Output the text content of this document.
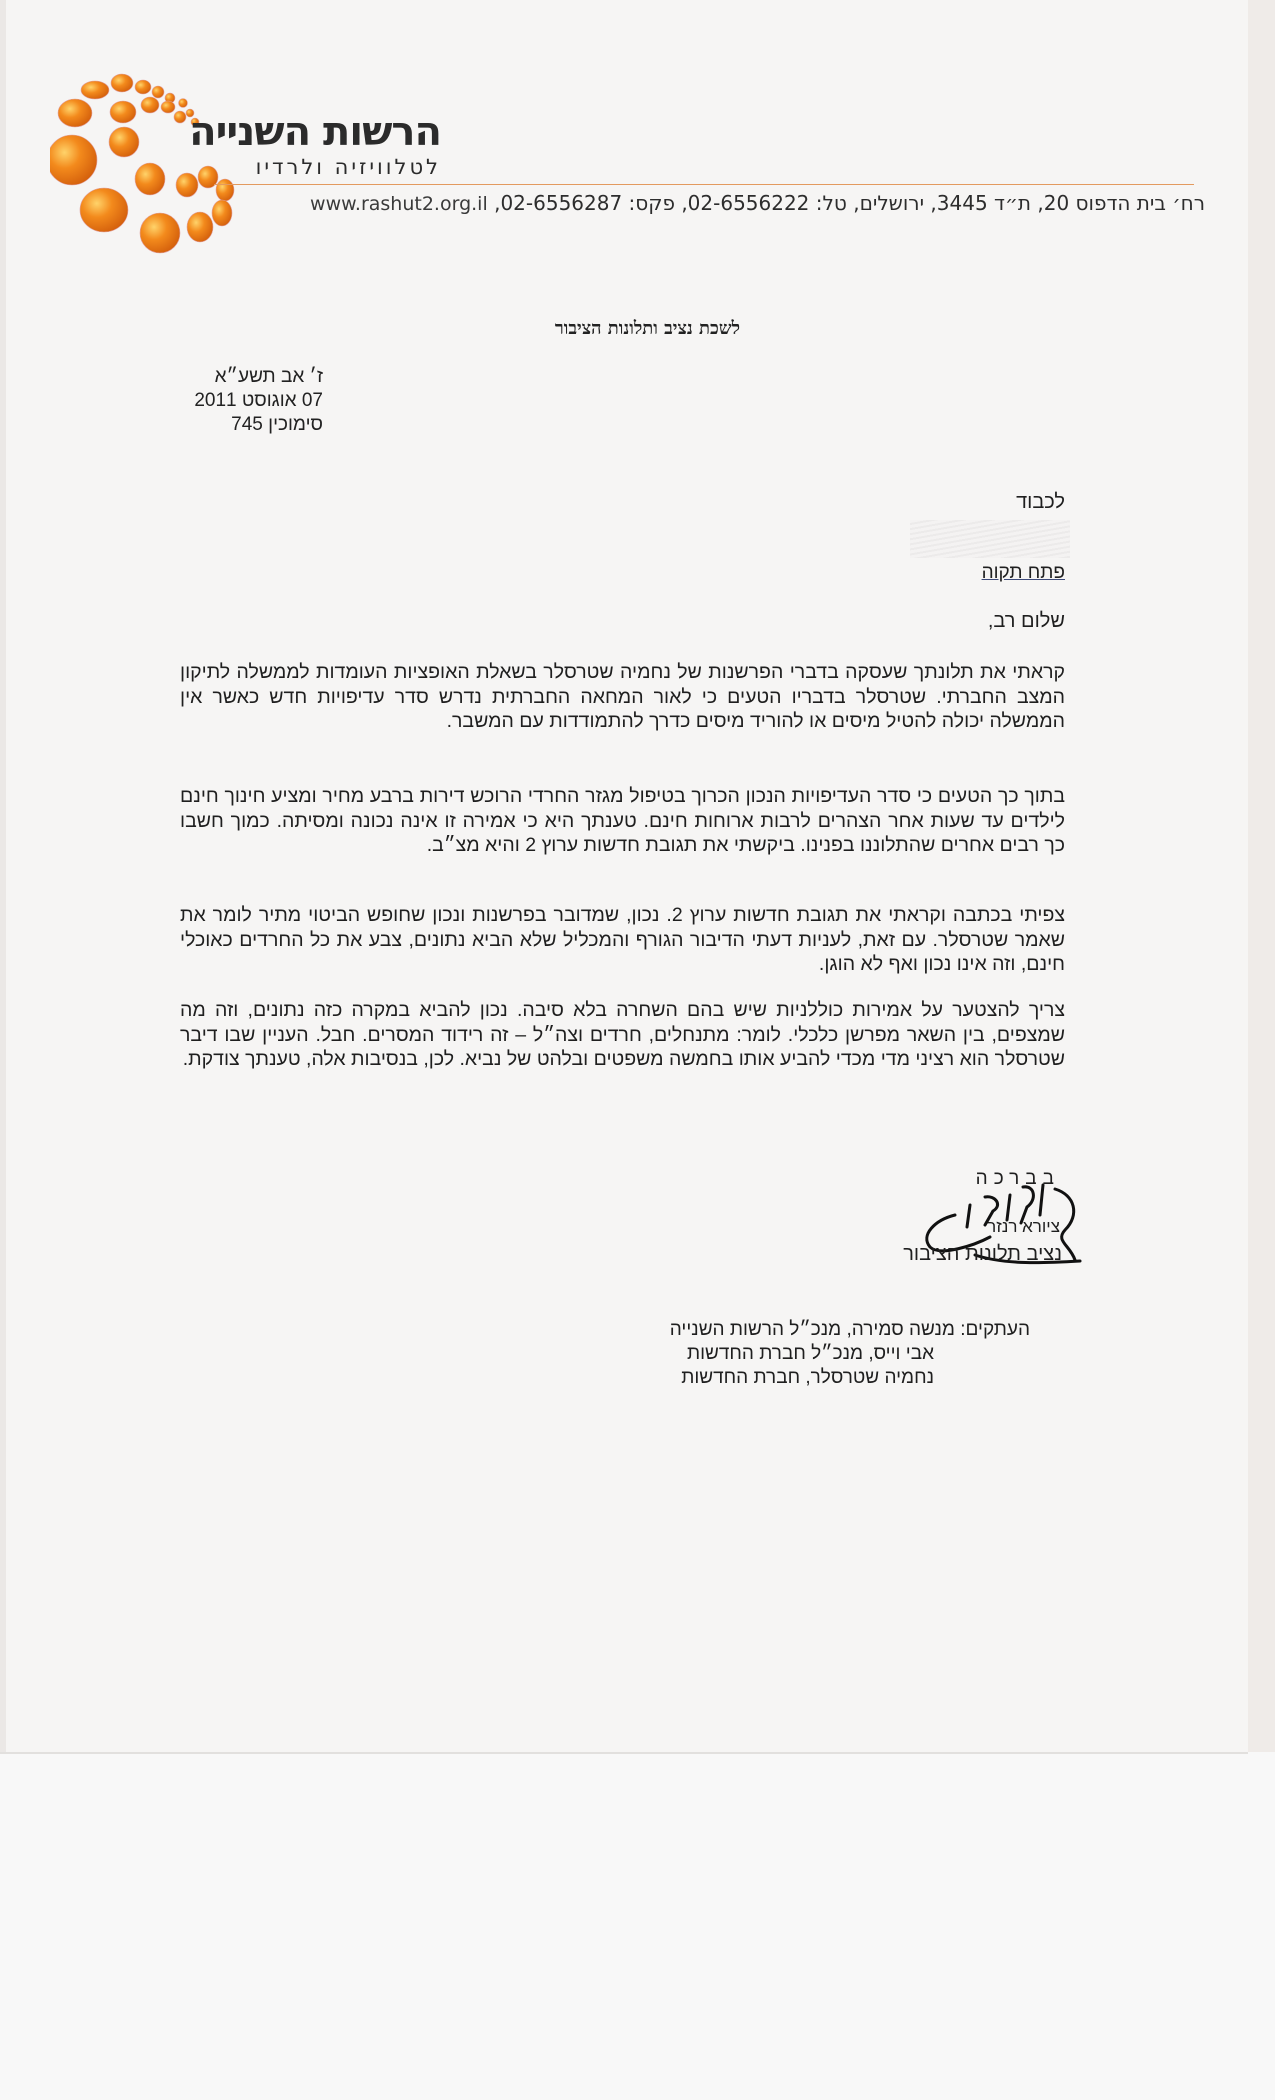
הרשות השנייה
לטלוויזיה ולרדיו
רח׳ בית הדפוס 20, ת״ד 3445, ירושלים, טל: 02-6556222, פקס: 02-6556287, www.rashut2.org.il
לשכת נציב ותלונות הציבור
ז׳ אב תשע״א
07 אוגוסט 2011
סימוכין 745
לכבוד
פתח תקוה
שלום רב,
קראתי את תלונתך שעסקה בדברי הפרשנות של נחמיה שטרסלר בשאלת האופציות העומדות לממשלה לתיקון המצב החברתי. שטרסלר בדבריו הטעים כי לאור המחאה החברתית נדרש סדר עדיפויות חדש כאשר אין הממשלה יכולה להטיל מיסים או להוריד מיסים כדרך להתמודדות עם המשבר.
בתוך כך הטעים כי סדר העדיפויות הנכון הכרוך בטיפול מגזר החרדי הרוכש דירות ברבע מחיר ומציע חינוך חינם לילדים עד שעות אחר הצהרים לרבות ארוחות חינם. טענתך היא כי אמירה זו אינה נכונה ומסיתה. כמוך חשבו כך רבים אחרים שהתלוננו בפנינו. ביקשתי את תגובת חדשות ערוץ 2 והיא מצ״ב.
צפיתי בכתבה וקראתי את תגובת חדשות ערוץ 2. נכון, שמדובר בפרשנות ונכון שחופש הביטוי מתיר לומר את שאמר שטרסלר. עם זאת, לעניות דעתי הדיבור הגורף והמכליל שלא הביא נתונים, צבע את כל החרדים כאוכלי חינם, וזה אינו נכון ואף לא הוגן.
צריך להצטער על אמירות כוללניות שיש בהם השחרה בלא סיבה. נכון להביא במקרה כזה נתונים, וזה מה שמצפים, בין השאר מפרשן כלכלי. לומר: מתנחלים, חרדים וצה״ל – זה רידוד המסרים. חבל. העניין שבו דיבר שטרסלר הוא רציני מדי מכדי להביע אותו בחמשה משפטים ובלהט של נביא. לכן, בנסיבות אלה, טענתך צודקת.
בברכה
ציורא רנזר
נציב תלונות הציבור
העתקים: מנשה סמירה, מנכ״ל הרשות השנייה
אבי וייס, מנכ״ל חברת החדשות
נחמיה שטרסלר, חברת החדשות
